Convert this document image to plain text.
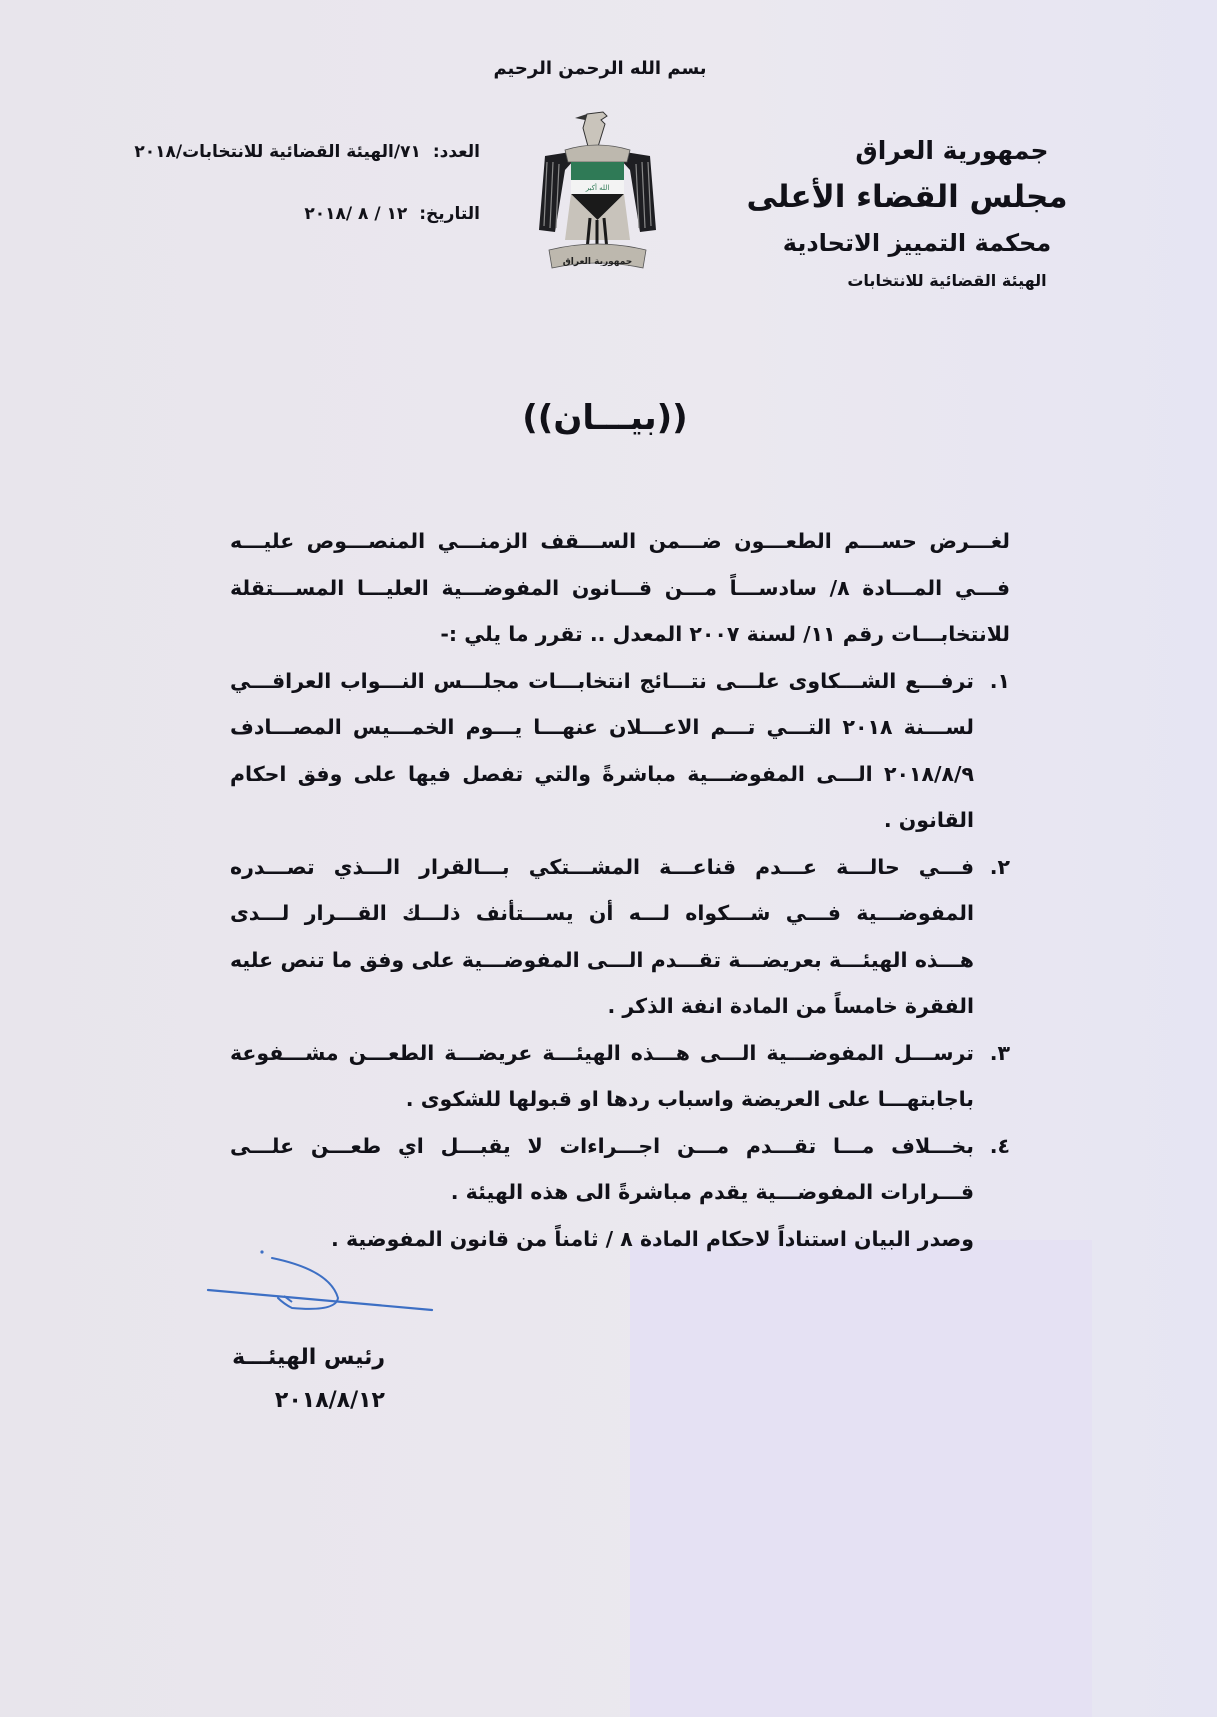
بسم الله الرحمن الرحيم
جمهورية العراق
مجلس القضاء الأعلى
محكمة التمييز الاتحادية
الهيئة القضائية للانتخابات
العدد:
٧١/الهيئة القضائية للانتخابات/٢٠١٨
التاريخ:
١٢ / ٨ /٢٠١٨
الله أكبر
جمهورية العراق
((بيـــان))

لغـــرض حســـم الطعـــون ضـــمن الســـقف الزمنـــي المنصـــوص عليـــه فـــي المـــادة ٨/ سادســـاً مـــن قـــانون المفوضـــية العليـــا المســـتقلة للانتخابـــات رقم ١١/ لسنة ٢٠٠٧ المعدل .. تقرر ما يلي :-

١.
ترفـــع الشـــكاوى علـــى نتـــائج انتخابـــات مجلـــس النـــواب العراقـــي لســـنة ٢٠١٨ التـــي تـــم الاعـــلان عنهـــا يـــوم الخمـــيس المصـــادف ٢٠١٨/٨/٩ الـــى المفوضـــية مباشرةً والتي تفصل فيها على وفق احكام القانون .
٢.
فـــي حالـــة عـــدم قناعـــة المشـــتكي بـــالقرار الـــذي تصـــدره المفوضـــية فـــي شـــكواه لـــه أن يســـتأنف ذلـــك القـــرار لـــدى هـــذه الهيئـــة بعريضـــة تقـــدم الـــى المفوضـــية على وفق ما تنص عليه الفقرة خامساً من المادة انفة الذكر .
٣.
ترســـل المفوضـــية الـــى هـــذه الهيئـــة عريضـــة الطعـــن مشـــفوعة باجابتهـــا على العريضة واسباب ردها او قبولها للشكوى .
٤.
بخـــلاف مـــا تقـــدم مـــن اجـــراءات لا يقبـــل اي طعـــن علـــى قـــرارات المفوضـــية يقدم مباشرةً الى هذه الهيئة .

وصدر البيان استناداً لاحكام المادة ٨ / ثامناً من قانون المفوضية .

رئيس الهيئـــة
٢٠١٨/٨/١٢
